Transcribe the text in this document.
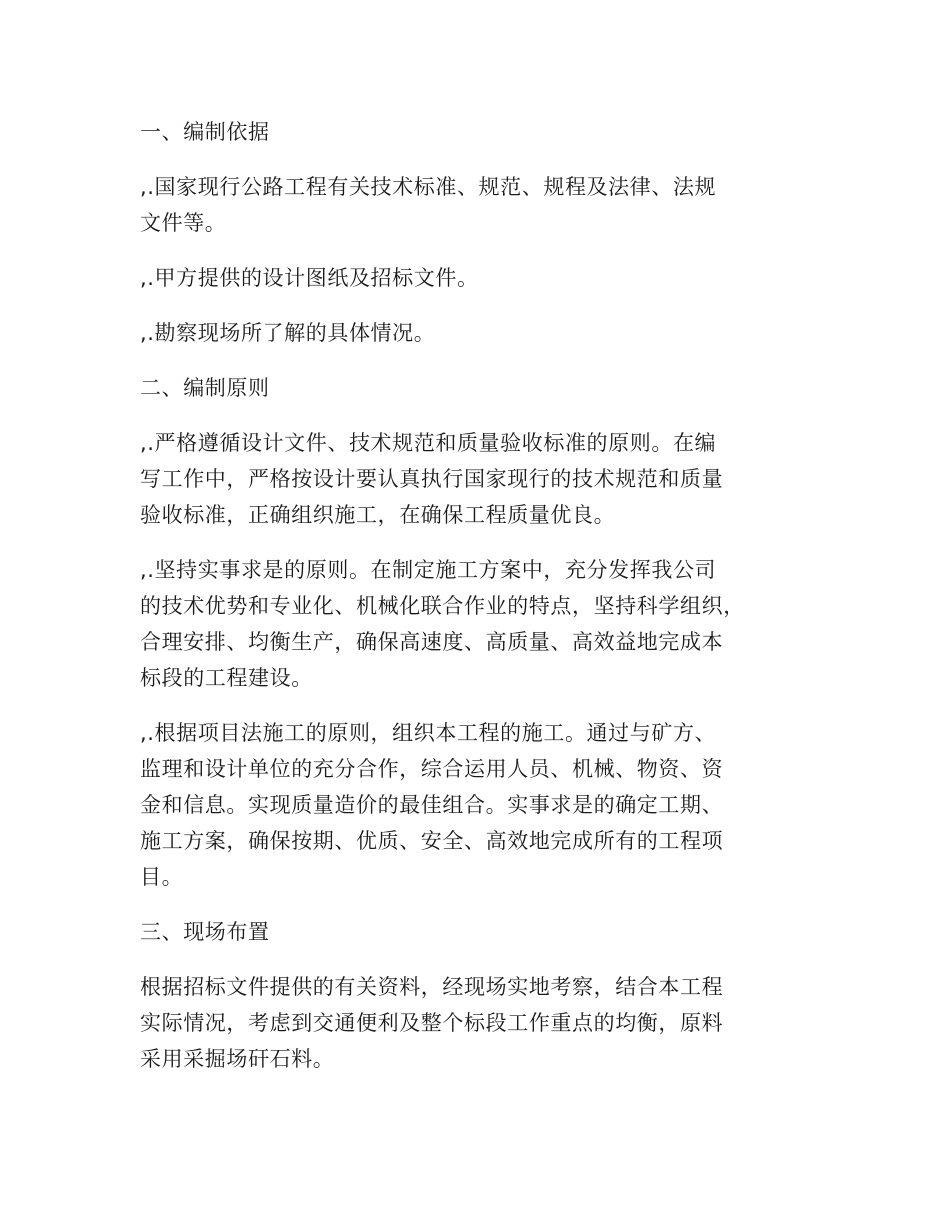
一、编制依据
,.国家现行公路工程有关技术标准、规范、规程及法律、法规
文件等。
,.甲方提供的设计图纸及招标文件。
,.勘察现场所了解的具体情况。
二、编制原则
,.严格遵循设计文件、技术规范和质量验收标准的原则。在编
写工作中，严格按设计要认真执行国家现行的技术规范和质量
验收标准，正确组织施工，在确保工程质量优良。
,.坚持实事求是的原则。在制定施工方案中，充分发挥我公司
的技术优势和专业化、机械化联合作业的特点，坚持科学组织，
合理安排、均衡生产，确保高速度、高质量、高效益地完成本
标段的工程建设。
,.根据项目法施工的原则，组织本工程的施工。通过与矿方、
监理和设计单位的充分合作，综合运用人员、机械、物资、资
金和信息。实现质量造价的最佳组合。实事求是的确定工期、
施工方案，确保按期、优质、安全、高效地完成所有的工程项
目。
三、现场布置
根据招标文件提供的有关资料，经现场实地考察，结合本工程
实际情况，考虑到交通便利及整个标段工作重点的均衡，原料
采用采掘场矸石料。
